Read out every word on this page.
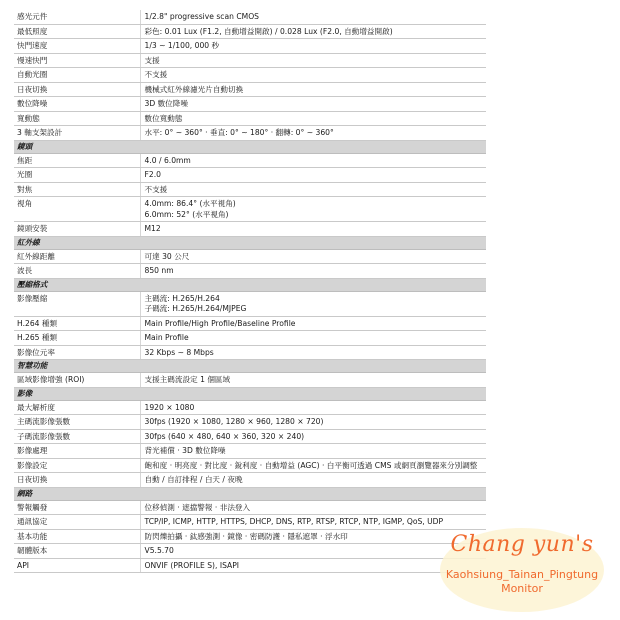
感光元件	1/2.8" progressive scan CMOS

最低照度	彩色: 0.01 Lux (F1.2, 自動增益開啟) / 0.028 Lux (F2.0, 自動增益開啟)

快門速度	1/3 ~ 1/100, 000 秒

慢速快門	支援

自動光圈	不支援

日夜切換	機械式紅外線濾光片自動切換

數位降噪	3D 數位降噪

寬動態	數位寬動態

3 軸支架設計	水平: 0° ~ 360° · 垂直: 0° ~ 180° · 翻轉: 0° ~ 360°

鏡頭	
焦距	4.0 / 6.0mm

光圈	F2.0

對焦	不支援

視角	4.0mm: 86.4° (水平視角)
6.0mm: 52° (水平視角)

鏡頭安裝	M12

紅外線	
紅外線距離	可達 30 公尺

波長	850 nm

壓縮格式	
影像壓縮	主碼流: H.265/H.264
子碼流: H.265/H.264/MJPEG

H.264 種類	Main Profile/High Profile/Baseline Profile

H.265 種類	Main Profile

影像位元率	32 Kbps ~ 8 Mbps

智慧功能	
區域影像增強 (ROI)	支援主碼流設定 1 個區域

影像	
最大解析度	1920 × 1080

主碼流影像張數	30fps (1920 × 1080, 1280 × 960, 1280 × 720)

子碼流影像張數	30fps (640 × 480, 640 × 360, 320 × 240)

影像處理	背光補償 · 3D 數位降噪

影像設定	飽和度 · 明亮度 · 對比度 · 銳利度 · 自動增益 (AGC) · 白平衡可透過 CMS 或網頁瀏覽器來分別調整

日夜切換	自動 / 自訂排程 / 白天 / 夜晚

網路	
警報觸發	位移偵測 · 遮擋警報 · 非法登入

通訊協定	TCP/IP, ICMP, HTTP, HTTPS, DHCP, DNS, RTP, RTSP, RTCP, NTP, IGMP, QoS, UDP

基本功能	防閃爍拍攝 · 鈦感強測 · 鏡像 · 密碼防護 · 隱私遮罩 · 浮水印

韌體版本	V5.5.70

API	ONVIF (PROFILE S), ISAPI
Chang yun's
Kaohsiung_Tainan_Pingtung
Monitor
